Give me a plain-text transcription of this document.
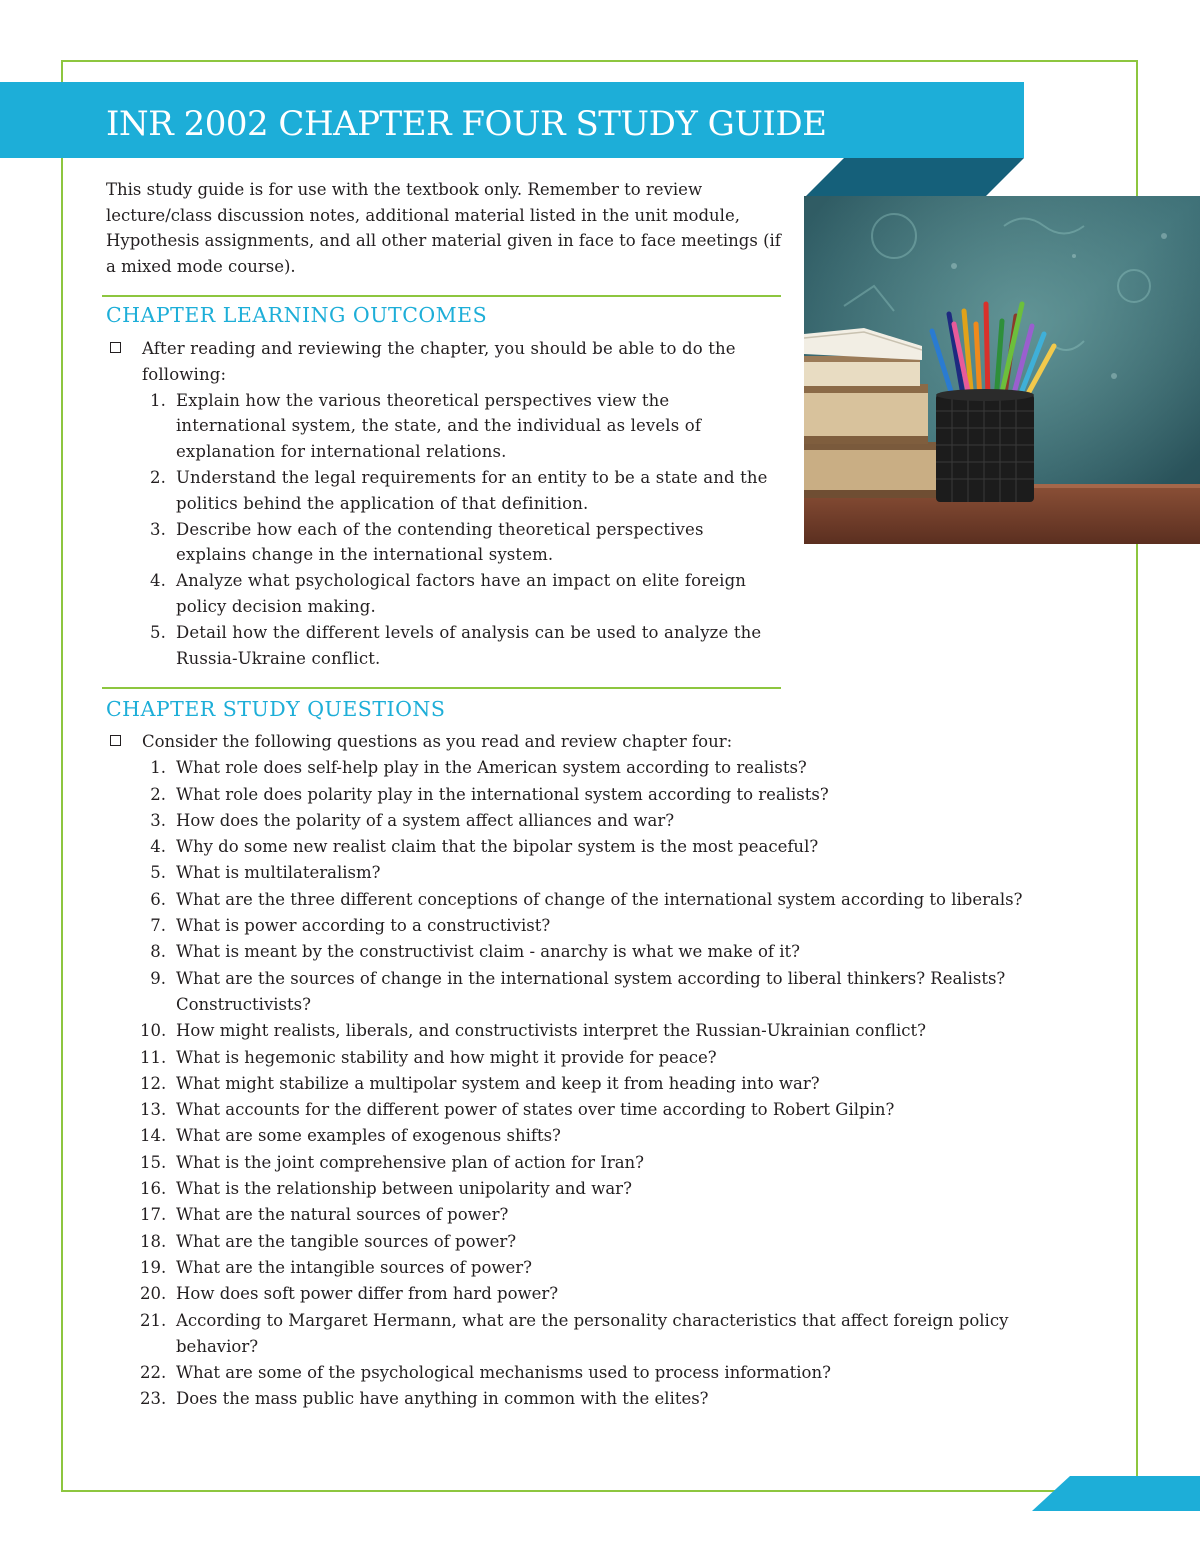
INR 2002 CHAPTER FOUR STUDY GUIDE

This study guide is for use with the textbook only. Remember to review lecture/class discussion notes, additional material listed in the unit module, Hypothesis assignments, and all other material given in face to face meetings (if a mixed mode course).

CHAPTER LEARNING OUTCOMES
After reading and reviewing the chapter, you should be able to do the following:
1. Explain how the various theoretical perspectives view the international system, the state, and the individual as levels of explanation for international relations.
2. Understand the legal requirements for an entity to be a state and the politics behind the application of that definition.
3. Describe how each of the contending theoretical perspectives explains change in the international system.
4. Analyze what psychological factors have an impact on elite foreign policy decision making.
5. Detail how the different levels of analysis can be used to analyze the Russia-Ukraine conflict.
CHAPTER STUDY QUESTIONS
Consider the following questions as you read and review chapter four:
1. What role does self-help play in the American system according to realists?
2. What role does polarity play in the international system according to realists?
3. How does the polarity of a system affect alliances and war?
4. Why do some new realist claim that the bipolar system is the most peaceful?
5. What is multilateralism?
6. What are the three different conceptions of change of the international system according to liberals?
7. What is power according to a constructivist?
8. What is meant by the constructivist claim - anarchy is what we make of it?
9. What are the sources of change in the international system according to liberal thinkers? Realists? Constructivists?
10. How might realists, liberals, and constructivists interpret the Russian-Ukrainian conflict?
11. What is hegemonic stability and how might it provide for peace?
12. What might stabilize a multipolar system and keep it from heading into war?
13. What accounts for the different power of states over time according to Robert Gilpin?
14. What are some examples of exogenous shifts?
15. What is the joint comprehensive plan of action for Iran?
16. What is the relationship between unipolarity and war?
17. What are the natural sources of power?
18. What are the tangible sources of power?
19. What are the intangible sources of power?
20. How does soft power differ from hard power?
21. According to Margaret Hermann, what are the personality characteristics that affect foreign policy behavior?
22. What are some of the psychological mechanisms used to process information?
23. Does the mass public have anything in common with the elites?
